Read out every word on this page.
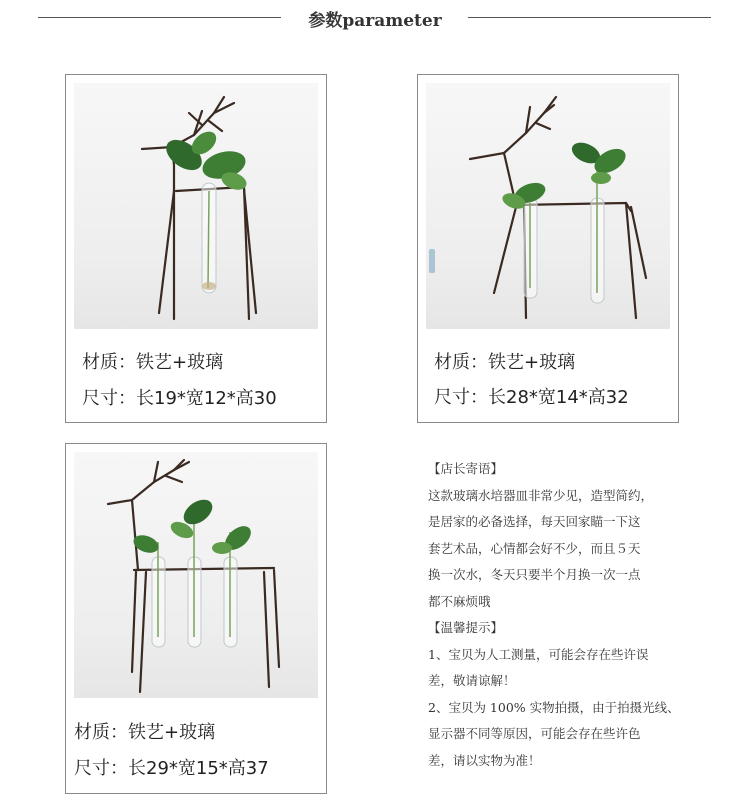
参数parameter
材质：铁艺+玻璃
尺寸：长19*宽12*高30
材质：铁艺+玻璃
尺寸：长28*宽14*高32
材质：铁艺+玻璃
尺寸：长29*宽15*高37
【店长寄语】
这款玻璃水培器皿非常少见，造型简约，
是居家的必备选择，每天回家瞄一下这
套艺术品，心情都会好不少，而且５天
换一次水，冬天只要半个月换一次一点
都不麻烦哦
【温馨提示】
1、宝贝为人工测量，可能会存在些许误
差，敬请谅解！
2、宝贝为 100% 实物拍摄，由于拍摄光线、
显示器不同等原因，可能会存在些许色
差，请以实物为准！
